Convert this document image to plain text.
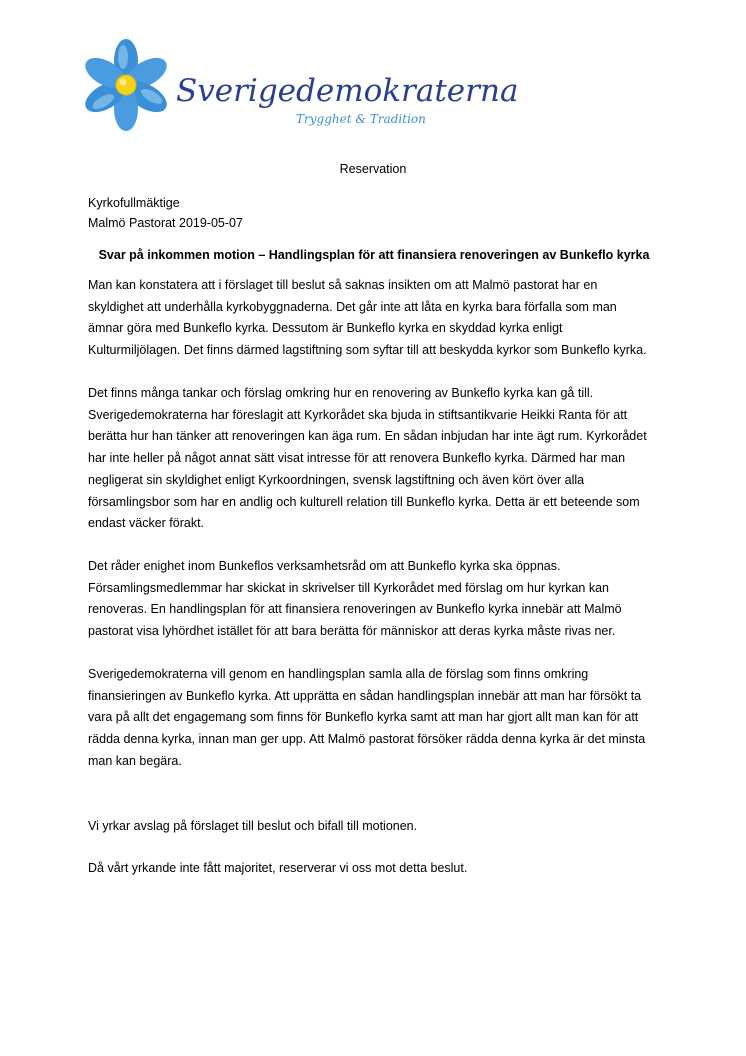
Sverigedemokraterna
Trygghet & Tradition
Reservation
Kyrkofullmäktige
Malmö Pastorat 2019-05-07
Svar på inkommen motion – Handlingsplan för att finansiera renoveringen av Bunkeflo kyrka
Man kan konstatera att i förslaget till beslut så saknas insikten om att Malmö pastorat har en
skyldighet att underhålla kyrkobyggnaderna. Det går inte att låta en kyrka bara förfalla som man
ämnar göra med Bunkeflo kyrka. Dessutom är Bunkeflo kyrka en skyddad kyrka enligt
Kulturmiljölagen. Det finns därmed lagstiftning som syftar till att beskydda kyrkor som Bunkeflo kyrka.
Det finns många tankar och förslag omkring hur en renovering av Bunkeflo kyrka kan gå till.
Sverigedemokraterna har föreslagit att Kyrkorådet ska bjuda in stiftsantikvarie Heikki Ranta för att
berätta hur han tänker att renoveringen kan äga rum. En sådan inbjudan har inte ägt rum. Kyrkorådet
har inte heller på något annat sätt visat intresse för att renovera Bunkeflo kyrka. Därmed har man
negligerat sin skyldighet enligt Kyrkoordningen, svensk lagstiftning och även kört över alla
församlingsbor som har en andlig och kulturell relation till Bunkeflo kyrka. Detta är ett beteende som
endast väcker förakt.
Det råder enighet inom Bunkeflos verksamhetsråd om att Bunkeflo kyrka ska öppnas.
Församlingsmedlemmar har skickat in skrivelser till Kyrkorådet med förslag om hur kyrkan kan
renoveras. En handlingsplan för att finansiera renoveringen av Bunkeflo kyrka innebär att Malmö
pastorat visa lyhördhet istället för att bara berätta för människor att deras kyrka måste rivas ner.
Sverigedemokraterna vill genom en handlingsplan samla alla de förslag som finns omkring
finansieringen av Bunkeflo kyrka. Att upprätta en sådan handlingsplan innebär att man har försökt ta
vara på allt det engagemang som finns för Bunkeflo kyrka samt att man har gjort allt man kan för att
rädda denna kyrka, innan man ger upp. Att Malmö pastorat försöker rädda denna kyrka är det minsta
man kan begära.
Vi yrkar avslag på förslaget till beslut och bifall till motionen.
Då vårt yrkande inte fått majoritet, reserverar vi oss mot detta beslut.
